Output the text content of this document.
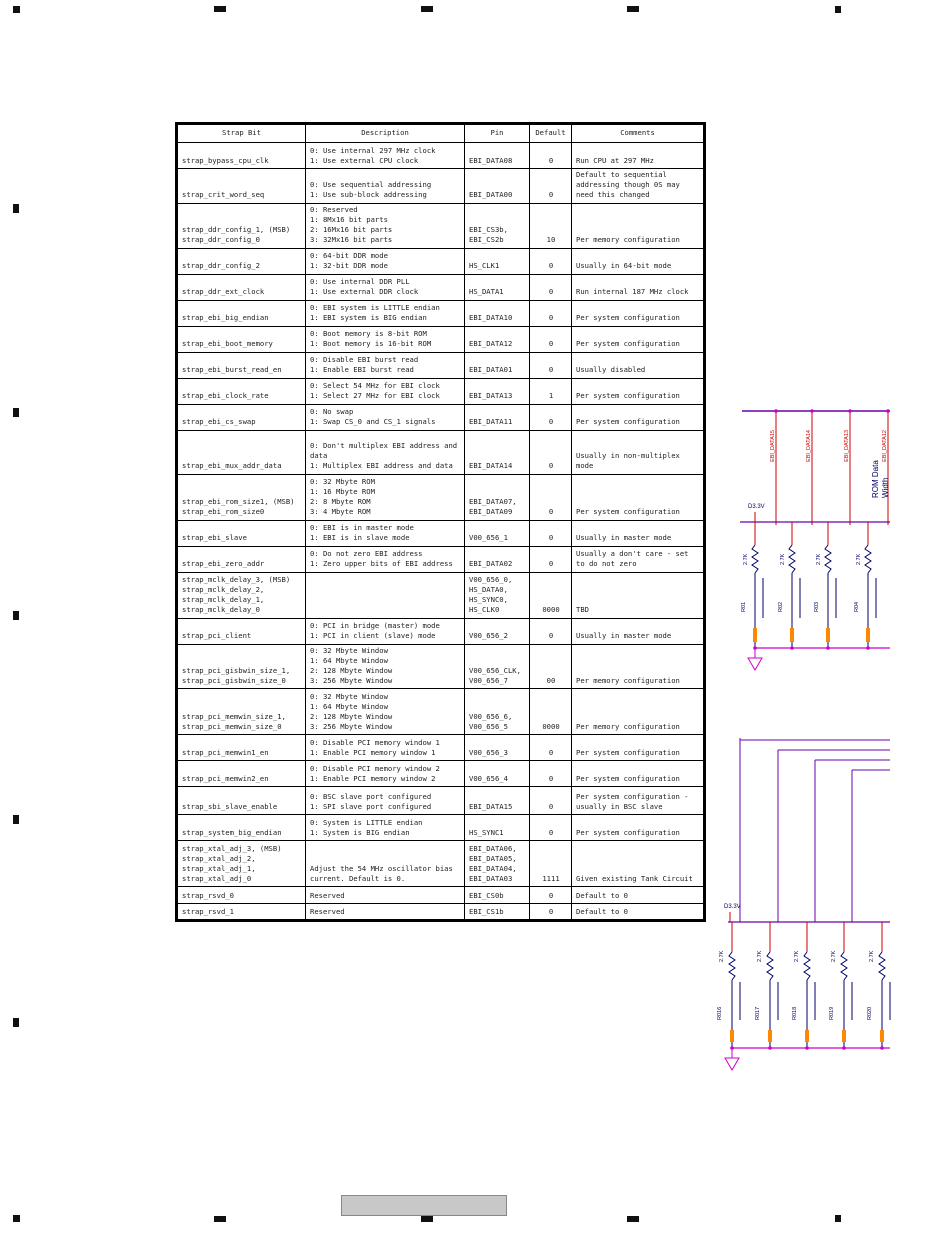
Strap Bit	Description	Pin	Default	Comments
strap_bypass_cpu_clk	0: Use internal 297 MHz clock
1: Use external CPU clock	EBI_DATA08	0	Run CPU at 297 MHz
strap_crit_word_seq	0: Use sequential addressing
1: Use sub-block addressing	EBI_DATA00	0	Default to sequential addressing though 0S may need this changed
strap_ddr_config_1, (MSB)
strap_ddr_config_0	0: Reserved
1: 8Mx16 bit parts
2: 16Mx16 bit parts
3: 32Mx16 bit parts	EBI_CS3b,
EBI_CS2b	10	Per memory configuration
strap_ddr_config_2	0: 64-bit DDR mode
1: 32-bit DDR mode	HS_CLK1	0	Usually in 64-bit mode
strap_ddr_ext_clock	0: Use internal DDR PLL
1: Use external DDR clock	HS_DATA1	0	Run internal 187 MHz clock
strap_ebi_big_endian	0: EBI system is LITTLE endian
1: EBI system is BIG endian	EBI_DATA10	0	Per system configuration
strap_ebi_boot_memory	0: Boot memory is 8-bit ROM
1: Boot memory is 16-bit ROM	EBI_DATA12	0	Per system configuration
strap_ebi_burst_read_en	0: Disable EBI burst read
1: Enable EBI burst read	EBI_DATA01	0	Usually disabled
strap_ebi_clock_rate	0: Select 54 MHz for EBI clock
1: Select 27 MHz for EBI clock	EBI_DATA13	1	Per system configuration
strap_ebi_cs_swap	0: No swap
1: Swap CS_0 and CS_1 signals	EBI_DATA11	0	Per system configuration
strap_ebi_mux_addr_data	0: Don't multiplex EBI address and data
1: Multiplex EBI address and data	EBI_DATA14	0	Usually in non-multiplex mode
strap_ebi_rom_size1, (MSB)
strap_ebi_rom_size0	0: 32 Mbyte ROM
1: 16 Mbyte ROM
2: 8 Mbyte ROM
3: 4 Mbyte ROM	EBI_DATA07,
EBI_DATA09	0	Per system configuration
strap_ebi_slave	0: EBI is in master mode
1: EBI is in slave mode	V00_656_1	0	Usually in master mode
strap_ebi_zero_addr	0: Do not zero EBI address
1: Zero upper bits of EBI address	EBI_DATA02	0	Usually a don't care - set to do not zero
strap_mclk_delay_3, (MSB)
strap_mclk_delay_2,
strap_mclk_delay_1,
strap_mclk_delay_0		V00_656_0,
HS_DATA0,
HS_SYNC0,
HS_CLK0	0000	TBD
strap_pci_client	0: PCI in bridge (master) mode
1: PCI in client (slave) mode	V00_656_2	0	Usually in master mode
strap_pci_gisbwin_size_1,
strap_pci_gisbwin_size_0	0: 32 Mbyte Window
1: 64 Mbyte Window
2: 128 Mbyte Window
3: 256 Mbyte Window	V00_656_CLK,
V00_656_7	00	Per memory configuration
strap_pci_memwin_size_1,
strap_pci_memwin_size_0	0: 32 Mbyte Window
1: 64 Mbyte Window
2: 128 Mbyte Window
3: 256 Mbyte Window	V00_656_6,
V00_656_5	0000	Per memory configuration
strap_pci_memwin1_en	0: Disable PCI memory window 1
1: Enable PCI memory window 1	V00_656_3	0	Per system configuration
strap_pci_memwin2_en	0: Disable PCI memory window 2
1: Enable PCI memory window 2	V00_656_4	0	Per system configuration
strap_sbi_slave_enable	0: BSC slave port configured
1: SPI slave port configured	EBI_DATA15	0	Per system configuration - usually in BSC slave
strap_system_big_endian	0: System is LITTLE endian
1: System is BIG endian	HS_SYNC1	0	Per system configuration
strap_xtal_adj_3, (MSB)
strap_xtal_adj_2,
strap_xtal_adj_1,
strap_xtal_adj_0	Adjust the 54 MHz oscillator bias current. Default is 0.	EBI_DATA06,
EBI_DATA05,
EBI_DATA04,
EBI_DATA03	1111	Given existing Tank Circuit
strap_rsvd_0	Reserved	EBI_CS0b	0	Default to 0
strap_rsvd_1	Reserved	EBI_CS1b	0	Default to 0
EBI_DATA15	EBI_DATA14	EBI_DATA13	EBI_DATA12
ROM Data Width
D3.3V
2.7K
R01
2.7K
R02
2.7K
R03
2.7K
R04
D3.3V
2.7K
R016
2.7K
R017
2.7K
R018
2.7K
R019
2.7K
R020
